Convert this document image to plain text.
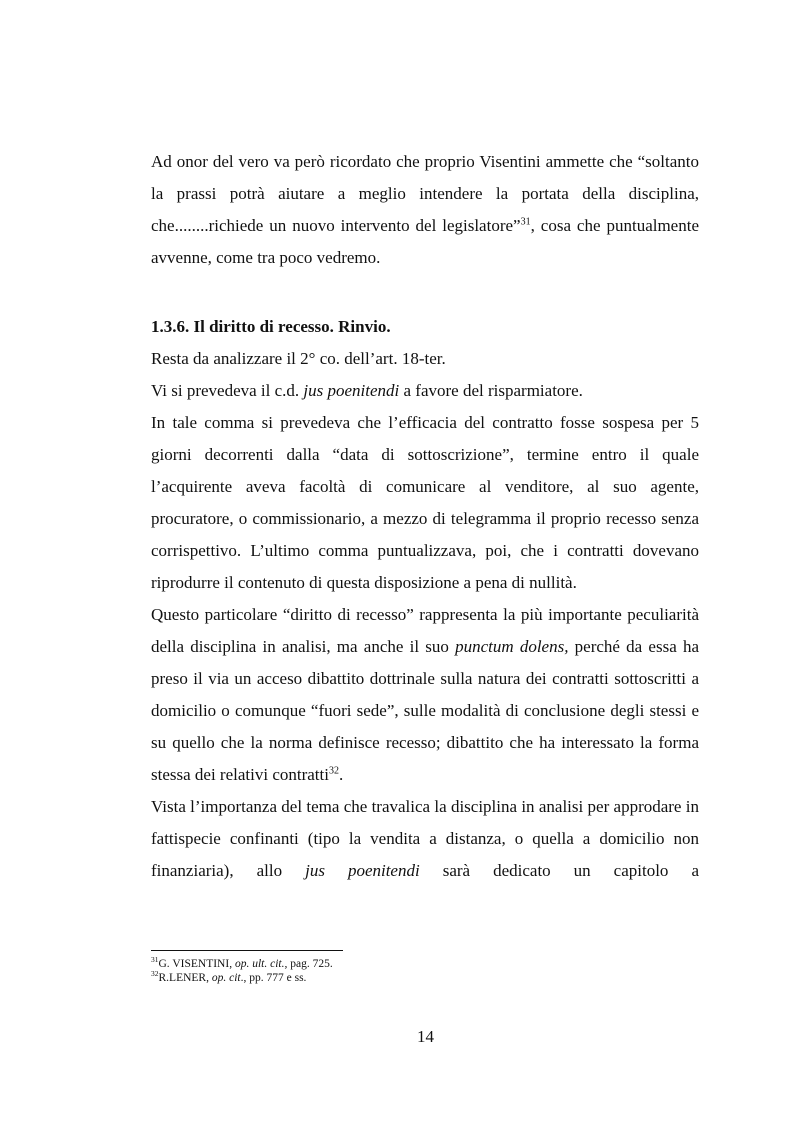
Ad onor del vero va però ricordato che proprio Visentini ammette che “soltanto la prassi potrà aiutare a meglio intendere la portata della disciplina, che........richiede un nuovo intervento del legislatore”$^{31}$, cosa che puntualmente avvenne, come tra poco vedremo.

1.3.6. Il diritto di recesso. Rinvio.

Resta da analizzare il 2° co. dell’art. 18-ter.

Vi si prevedeva il c.d. jus poenitendi a favore del risparmiatore.

In tale comma si prevedeva che l’efficacia del contratto fosse sospesa per 5 giorni decorrenti dalla “data di sottoscrizione”, termine entro il quale l’acquirente aveva facoltà di comunicare al venditore, al suo agente, procuratore, o commissionario, a mezzo di telegramma il proprio recesso senza corrispettivo. L’ultimo comma puntualizzava, poi, che i contratti dovevano riprodurre il contenuto di questa disposizione a pena di nullità.

Questo particolare “diritto di recesso” rappresenta la più importante peculiarità della disciplina in analisi, ma anche il suo punctum dolens, perché da essa ha preso il via un acceso dibattito dottrinale sulla natura dei contratti sottoscritti a domicilio o comunque “fuori sede”, sulle modalità di conclusione degli stessi e su quello che la norma definisce recesso; dibattito che ha interessato la forma stessa dei relativi contratti$^{32}$.

Vista l’importanza del tema che travalica la disciplina in analisi per approdare in fattispecie confinanti (tipo la vendita a distanza, o quella a domicilio non finanziaria), allo jus poenitendi sarà dedicato un capitolo a

$^{31}$G. VISENTINI, op. ult. cit., pag. 725.

$^{32}$R.LENER, op. cit., pp. 777 e ss.

14
